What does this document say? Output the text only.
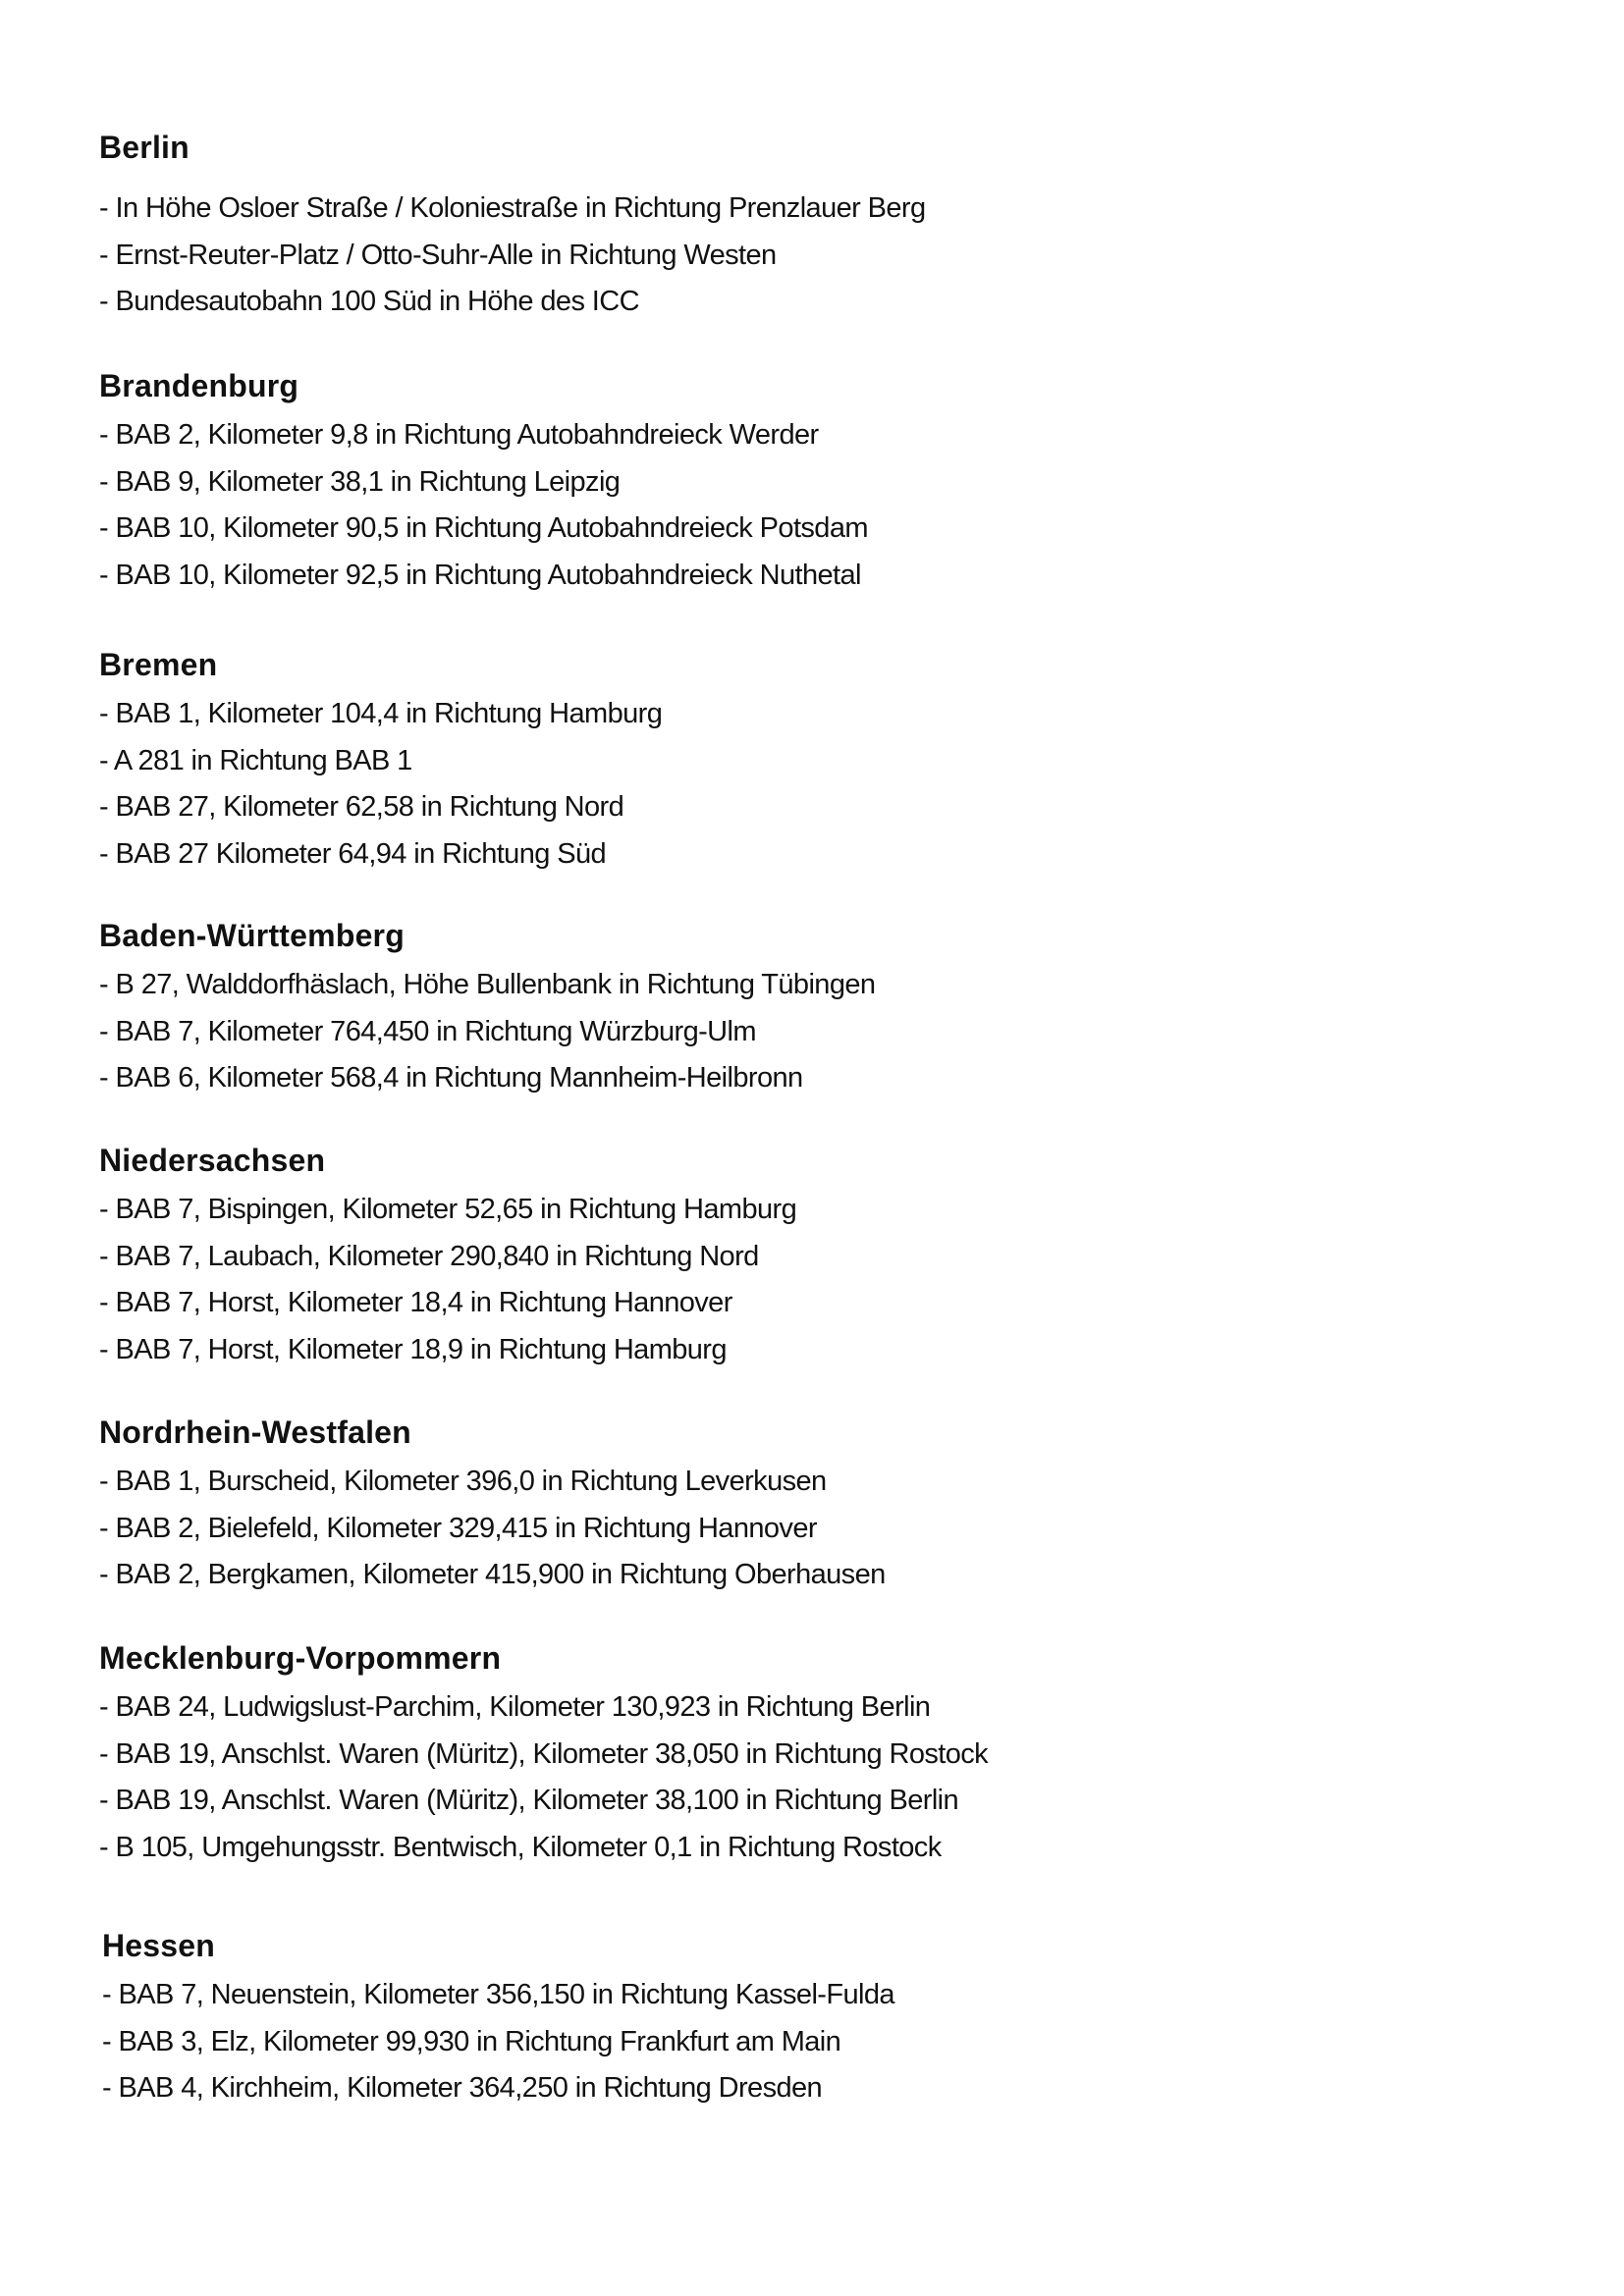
Berlin
- In Höhe Osloer Straße / Koloniestraße in Richtung Prenzlauer Berg
- Ernst-Reuter-Platz / Otto-Suhr-Alle in Richtung Westen
- Bundesautobahn 100 Süd in Höhe des ICC
Brandenburg
- BAB 2, Kilometer 9,8 in Richtung Autobahndreieck Werder
- BAB 9, Kilometer 38,1 in Richtung Leipzig
- BAB 10, Kilometer 90,5 in Richtung Autobahndreieck Potsdam
- BAB 10, Kilometer 92,5 in Richtung Autobahndreieck Nuthetal
Bremen
- BAB 1, Kilometer 104,4 in Richtung Hamburg
- A 281 in Richtung BAB 1
- BAB 27, Kilometer 62,58 in Richtung Nord
- BAB 27 Kilometer 64,94 in Richtung Süd
Baden-Württemberg
- B 27, Walddorfhäslach, Höhe Bullenbank in Richtung Tübingen
- BAB 7, Kilometer 764,450 in Richtung Würzburg-Ulm
- BAB 6, Kilometer 568,4 in Richtung Mannheim-Heilbronn
Niedersachsen
- BAB 7, Bispingen, Kilometer 52,65 in Richtung Hamburg
- BAB 7, Laubach, Kilometer 290,840 in Richtung Nord
- BAB 7, Horst, Kilometer 18,4 in Richtung Hannover
- BAB 7, Horst, Kilometer 18,9 in Richtung Hamburg
Nordrhein-Westfalen
- BAB 1, Burscheid, Kilometer 396,0 in Richtung Leverkusen
- BAB 2, Bielefeld, Kilometer 329,415 in Richtung Hannover
- BAB 2, Bergkamen, Kilometer 415,900 in Richtung Oberhausen
Mecklenburg-Vorpommern
- BAB 24, Ludwigslust-Parchim, Kilometer 130,923 in Richtung Berlin
- BAB 19, Anschlst. Waren (Müritz), Kilometer 38,050 in Richtung Rostock
- BAB 19, Anschlst. Waren (Müritz), Kilometer 38,100 in Richtung Berlin
- B 105, Umgehungsstr. Bentwisch, Kilometer 0,1 in Richtung Rostock
Hessen
- BAB 7, Neuenstein, Kilometer 356,150 in Richtung Kassel-Fulda
- BAB 3, Elz, Kilometer 99,930 in Richtung Frankfurt am Main
- BAB 4, Kirchheim, Kilometer 364,250 in Richtung Dresden
